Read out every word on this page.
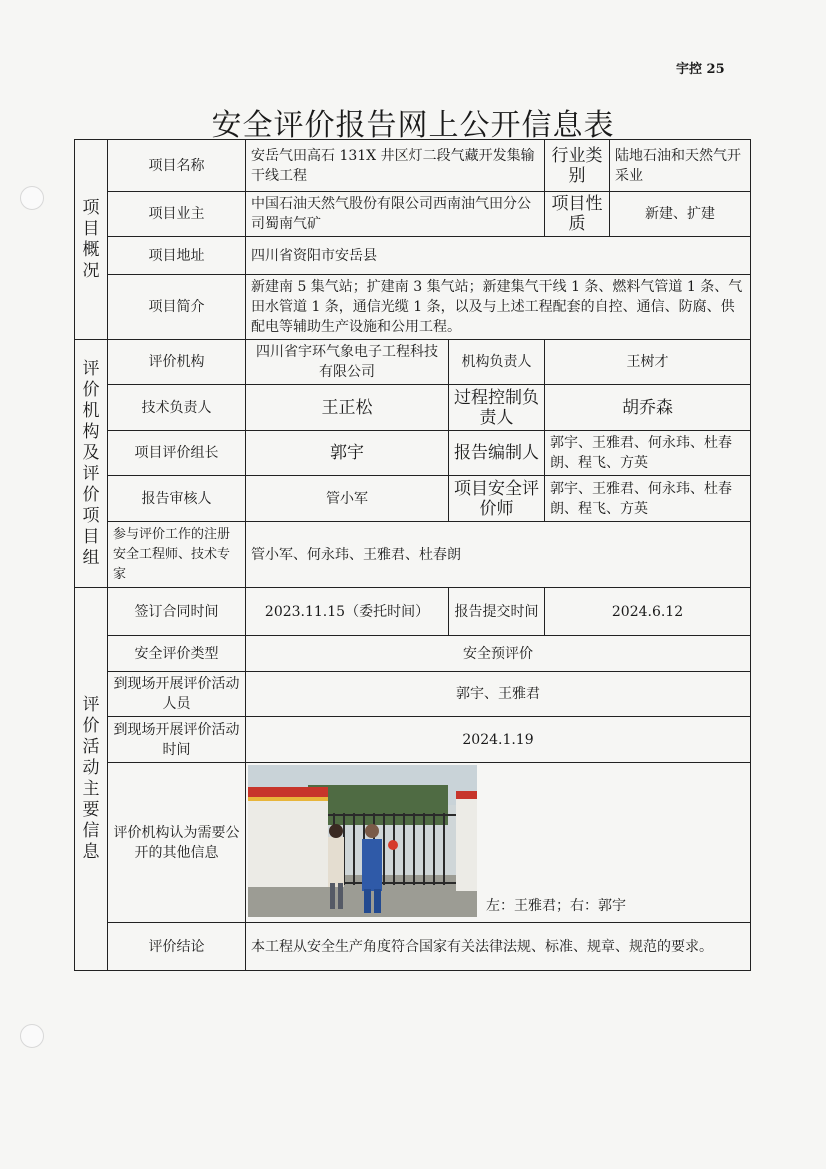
宇控 25
安全评价报告网上公开信息表
项目概况	项目名称	安岳气田高石 131X 井区灯二段气藏开发集输干线工程		行业类别	陆地石油和天然气开采业
	项目业主	中国石油天然气股份有限公司西南油气田分公司蜀南气矿		项目性质	新建、扩建
	项目地址	四川省资阳市安岳县			
	项目简介	新建南 5 集气站；扩建南 3 集气站；新建集气干线 1 条、燃料气管道 1 条、气田水管道 1 条，通信光缆 1 条，以及与上述工程配套的自控、通信、防腐、供配电等辅助生产设施和公用工程。			

评价机构及评价项目组	评价机构	四川省宇环气象电子工程科技有限公司	机构负责人	王树才	
	技术负责人	王正松	过程控制负责人	胡乔森	
	项目评价组长	郭宇	报告编制人	郭宇、王雅君、何永玮、杜春朗、程飞、方英	
	报告审核人	管小军	项目安全评价师	郭宇、王雅君、何永玮、杜春朗、程飞、方英	
	参与评价工作的注册安全工程师、技术专家	管小军、何永玮、王雅君、杜春朗			

评价活动主要信息	签订合同时间	2023.11.15（委托时间）	报告提交时间	2024.6.12	
	安全评价类型	安全预评价			
	到现场开展评价活动人员	郭宇、王雅君			
	到现场开展评价活动时间	2024.1.19			
	评价机构认为需要公开的其他信息	左：王雅君；右：郭宇			

	评价结论	本工程从安全生产角度符合国家有关法律法规、标准、规章、规范的要求。			
